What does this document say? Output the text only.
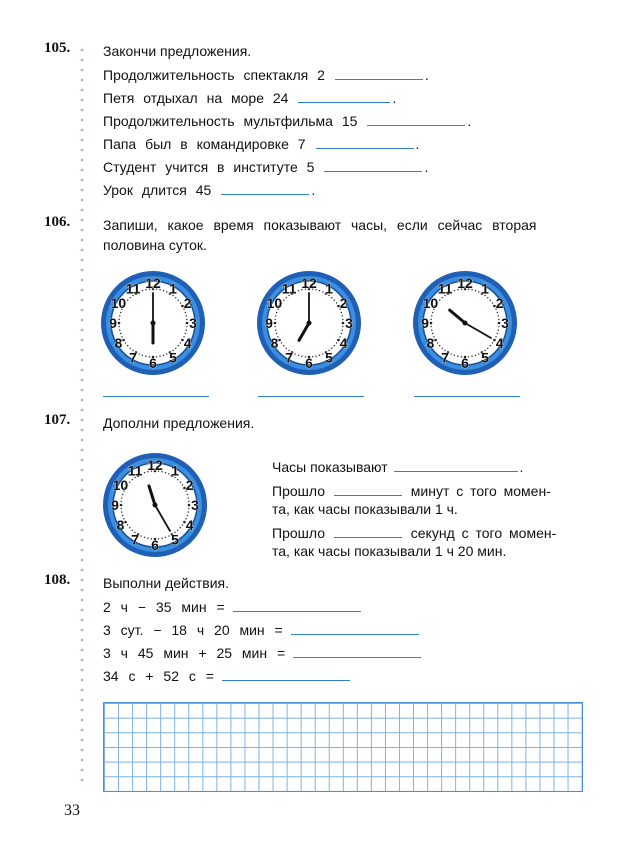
105. Закончи предложения.
Продолжительность спектакля 2	.
Петя отдыхал на море 24	.
Продолжительность мультфильма 15	.
Папа был в командировке 7	.
Студент учится в институте 5	.
Урок длится 45	.
106. Запиши, какое время показывают часы, если сейчас вторая
половина суток.
12 1
2
3
4
5
6
7
8
9
10
11	12 1
2
3
4
5
6
7
8
9
10
11	12 1
2
3
4
5
6
7
8
9
10
11
107. Дополни предложения.
12 1
2
3
4
5
6
7
8
9
10
11	Часы показывают	.
Прошло	минут с того момен-
та, как часы показывали 1 ч.
Прошло	секунд с того момен-
та, как часы показывали 1 ч 20 мин.
108. Выполни действия.
2 ч − 35 мин =
3 сут. − 18 ч 20 мин =
3 ч 45 мин + 25 мин =
34 с + 52 с =
33
